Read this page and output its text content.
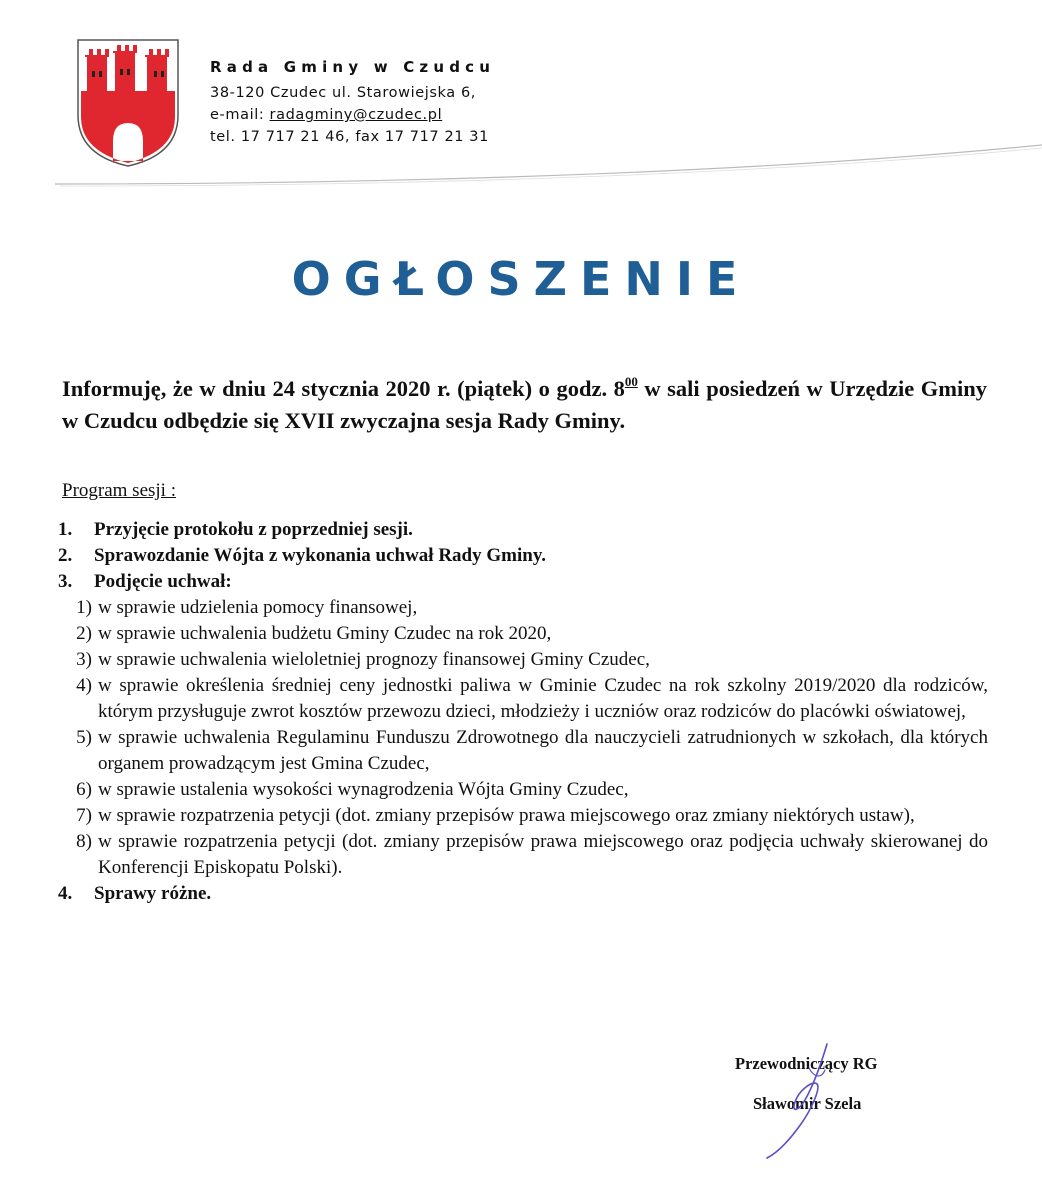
Rada Gminy w Czudcu
38-120 Czudec ul. Starowiejska 6,
e-mail: radagminy@czudec.pl
tel. 17 717 21 46, fax 17 717 21 31
OGŁOSZENIE
Informuję, że w dniu 24 stycznia 2020 r. (piątek) o godz. $8^{00}$ w sali posiedzeń w Urzędzie Gminy w Czudcu odbędzie się XVII zwyczajna sesja Rady Gminy.
Program sesji :
1.	Przyjęcie protokołu z poprzedniej sesji.
2.	Sprawozdanie Wójta z wykonania uchwał Rady Gminy.
3.	Podjęcie uchwał:
1) w sprawie udzielenia pomocy finansowej,
2) w sprawie uchwalenia budżetu Gminy Czudec na rok 2020,
3) w sprawie uchwalenia wieloletniej prognozy finansowej Gminy Czudec,
4) w sprawie określenia średniej ceny jednostki paliwa w Gminie Czudec na rok szkolny 2019/2020 dla rodziców, którym przysługuje zwrot kosztów przewozu dzieci, młodzieży i uczniów oraz rodziców do placówki oświatowej,
5) w sprawie uchwalenia Regulaminu Funduszu Zdrowotnego dla nauczycieli zatrudnionych w szkołach, dla których organem prowadzącym jest Gmina Czudec,
6) w sprawie ustalenia wysokości wynagrodzenia Wójta Gminy Czudec,
7) w sprawie rozpatrzenia petycji (dot. zmiany przepisów prawa miejscowego oraz zmiany niektórych ustaw),
8) w sprawie rozpatrzenia petycji (dot. zmiany przepisów prawa miejscowego oraz podjęcia uchwały skierowanej do Konferencji Episkopatu Polski).
4.	Sprawy różne.
Przewodniczący RG
Sławomir Szela
